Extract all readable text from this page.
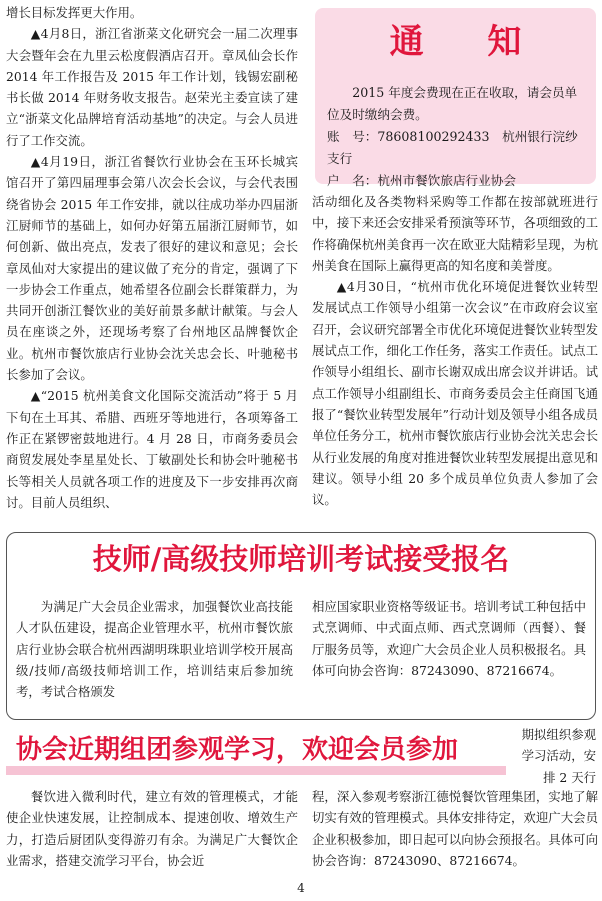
增长目标发挥更大作用。

▲4月8日，浙江省浙菜文化研究会一届二次理事大会暨年会在九里云松度假酒店召开。章凤仙会长作 2014 年工作报告及 2015 年工作计划，钱锡宏副秘书长做 2014 年财务收支报告。赵荣光主委宣读了建立“浙菜文化品牌培育活动基地”的决定。与会人员进行了工作交流。

▲4月19日，浙江省餐饮行业协会在玉环长城宾馆召开了第四届理事会第八次会长会议，与会代表围绕省协会 2015 年工作安排，就以往成功举办四届浙江厨师节的基础上，如何办好第五届浙江厨师节，如何创新、做出亮点，发表了很好的建议和意见；会长章凤仙对大家提出的建议做了充分的肯定，强调了下一步协会工作重点，她希望各位副会长群策群力，为共同开创浙江餐饮业的美好前景多献计献策。与会人员在座谈之外，还现场考察了台州地区品牌餐饮企业。杭州市餐饮旅店行业协会沈关忠会长、叶驰秘书长参加了会议。

▲“2015 杭州美食文化国际交流活动”将于 5 月下旬在土耳其、希腊、西班牙等地进行，各项筹备工作正在紧锣密鼓地进行。4 月 28 日，市商务委员会商贸发展处李星星处长、丁敏副处长和协会叶驰秘书长等相关人员就各项工作的进度及下一步安排再次商讨。目前人员组织、

通 知

2015 年度会费现在正在收取，请会员单位及时缴纳会费。

账　号：78608100292433　杭州银行浣纱支行

户　名：杭州市餐饮旅店行业协会

活动细化及各类物料采购等工作都在按部就班进行中，接下来还会安排采肴预演等环节，各项细致的工作将确保杭州美食再一次在欧亚大陆精彩呈现，为杭州美食在国际上赢得更高的知名度和美誉度。

▲4月30日，“杭州市优化环境促进餐饮业转型发展试点工作领导小组第一次会议”在市政府会议室召开，会议研究部署全市优化环境促进餐饮业转型发展试点工作，细化工作任务，落实工作责任。试点工作领导小组组长、副市长谢双成出席会议并讲话。试点工作领导小组副组长、市商务委员会主任商国飞通报了“餐饮业转型发展年”行动计划及领导小组各成员单位任务分工，杭州市餐饮旅店行业协会沈关忠会长从行业发展的角度对推进餐饮业转型发展提出意见和建议。领导小组 20 多个成员单位负责人参加了会议。

技师/高级技师培训考试接受报名
为满足广大会员企业需求，加强餐饮业高技能人才队伍建设，提高企业管理水平，杭州市餐饮旅店行业协会联合杭州西湖明珠职业培训学校开展高级/技师/高级技师培训工作，培训结束后参加统考，考试合格颁发
相应国家职业资格等级证书。培训考试工种包括中式烹调师、中式面点师、西式烹调师（西餐）、餐厅服务员等，欢迎广大会员企业人员积极报名。具体可向协会咨询：87243090、87216674。
协会近期组团参观学习，欢迎会员参加
期拟组织参观学习活动，安排 2 天行
餐饮进入微利时代，建立有效的管理模式，才能使企业快速发展，让控制成本、提速创收、增效生产力，打造后厨团队变得游刃有余。为满足广大餐饮企业需求，搭建交流学习平台，协会近
程，深入参观考察浙江德悦餐饮管理集团，实地了解切实有效的管理模式。具体安排待定，欢迎广大会员企业积极参加，即日起可以向协会预报名。具体可向协会咨询：87243090、87216674。
4
